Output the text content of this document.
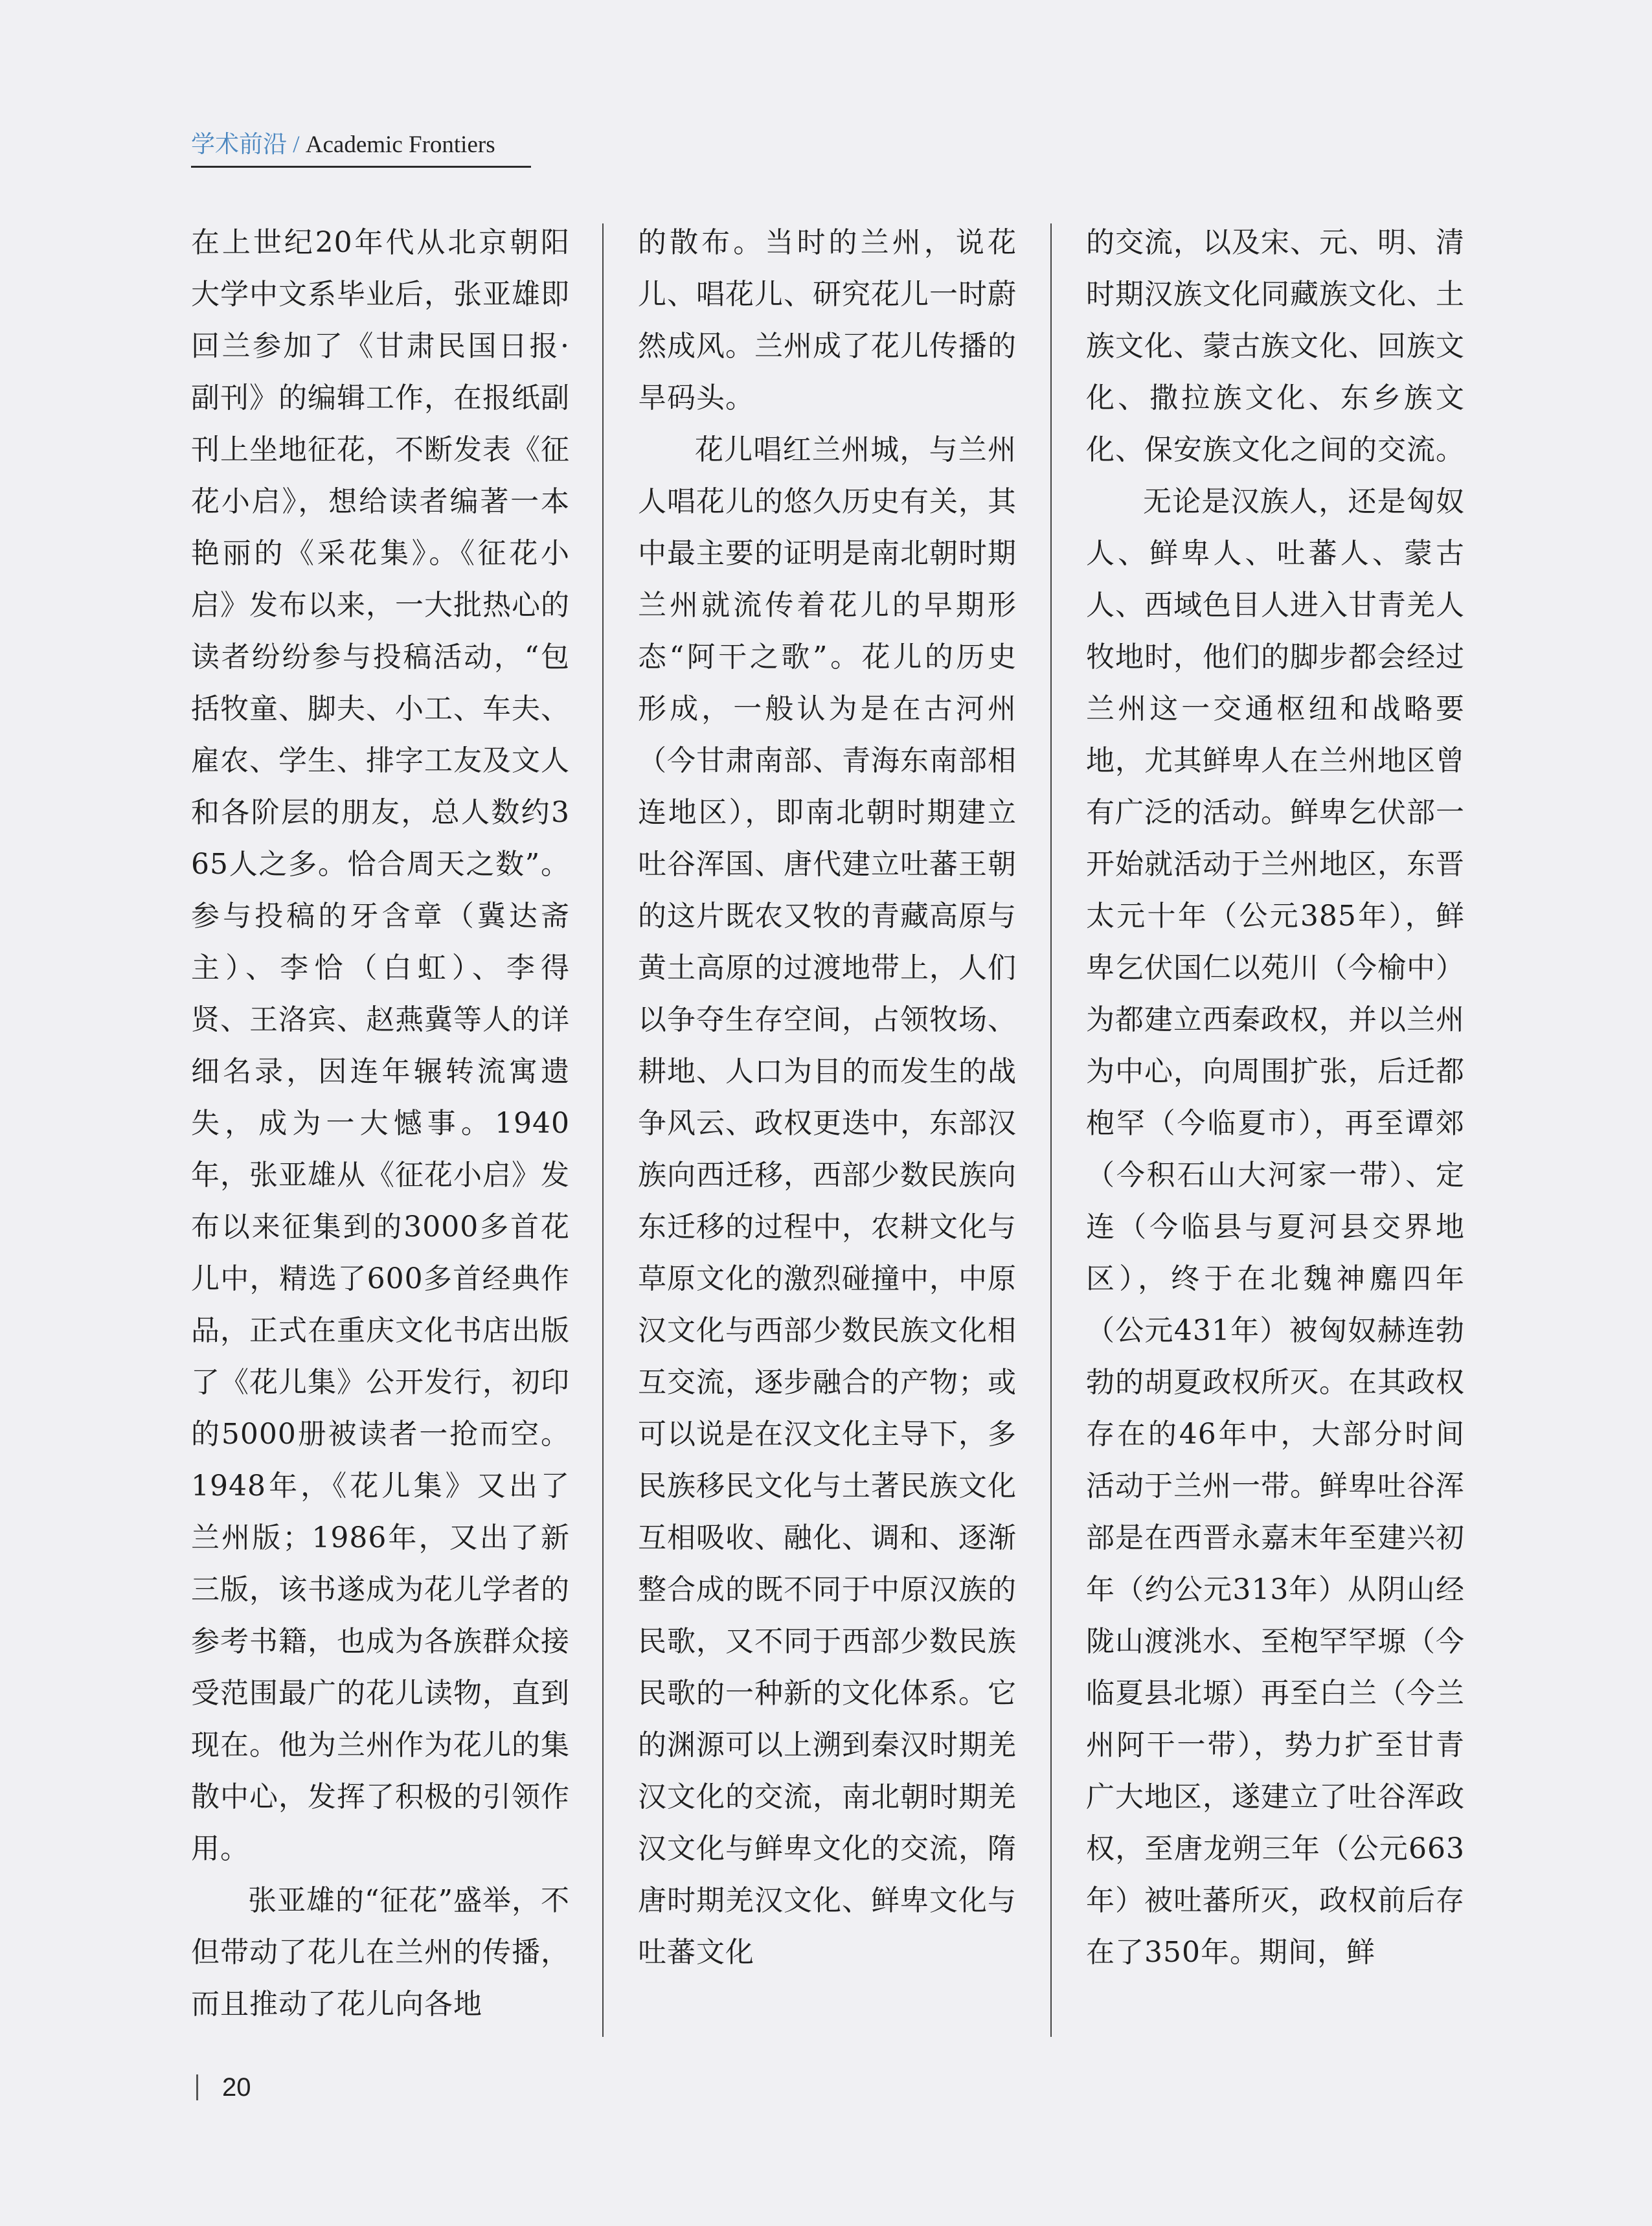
学术前沿 / Academic Frontiers

在上世纪20年代从北京朝阳大学中文系毕业后，张亚雄即回兰参加了《甘肃民国日报·副刊》的编辑工作，在报纸副刊上坐地征花，不断发表《征花小启》，想给读者编著一本艳丽的《采花集》。《征花小启》发布以来，一大批热心的读者纷纷参与投稿活动，“包括牧童、脚夫、小工、车夫、雇农、学生、排字工友及文人和各阶层的朋友，总人数约365人之多。恰合周天之数”。参与投稿的牙含章（冀达斋主）、李恰（白虹）、李得贤、王洛宾、赵燕冀等人的详细名录，因连年辗转流寓遗失，成为一大憾事。1940年，张亚雄从《征花小启》发布以来征集到的3000多首花儿中，精选了600多首经典作品，正式在重庆文化书店出版了《花儿集》公开发行，初印的5000册被读者一抢而空。1948年，《花儿集》又出了兰州版；1986年，又出了新三版，该书遂成为花儿学者的参考书籍，也成为各族群众接受范围最广的花儿读物，直到现在。他为兰州作为花儿的集散中心，发挥了积极的引领作用。

张亚雄的“征花”盛举，不但带动了花儿在兰州的传播，而且推动了花儿向各地

的散布。当时的兰州，说花儿、唱花儿、研究花儿一时蔚然成风。兰州成了花儿传播的旱码头。

花儿唱红兰州城，与兰州人唱花儿的悠久历史有关，其中最主要的证明是南北朝时期兰州就流传着花儿的早期形态“阿干之歌”。花儿的历史形成，一般认为是在古河州（今甘肃南部、青海东南部相连地区），即南北朝时期建立吐谷浑国、唐代建立吐蕃王朝的这片既农又牧的青藏高原与黄土高原的过渡地带上，人们以争夺生存空间，占领牧场、耕地、人口为目的而发生的战争风云、政权更迭中，东部汉族向西迁移，西部少数民族向东迁移的过程中，农耕文化与草原文化的激烈碰撞中，中原汉文化与西部少数民族文化相互交流，逐步融合的产物；或可以说是在汉文化主导下，多民族移民文化与土著民族文化互相吸收、融化、调和、逐渐整合成的既不同于中原汉族的民歌，又不同于西部少数民族民歌的一种新的文化体系。它的渊源可以上溯到秦汉时期羌汉文化的交流，南北朝时期羌汉文化与鲜卑文化的交流，隋唐时期羌汉文化、鲜卑文化与吐蕃文化

的交流，以及宋、元、明、清时期汉族文化同藏族文化、土族文化、蒙古族文化、回族文化、撒拉族文化、东乡族文化、保安族文化之间的交流。

无论是汉族人，还是匈奴人、鲜卑人、吐蕃人、蒙古人、西域色目人进入甘青羌人牧地时，他们的脚步都会经过兰州这一交通枢纽和战略要地，尤其鲜卑人在兰州地区曾有广泛的活动。鲜卑乞伏部一开始就活动于兰州地区，东晋太元十年（公元385年），鲜卑乞伏国仁以苑川（今榆中）为都建立西秦政权，并以兰州为中心，向周围扩张，后迁都枹罕（今临夏市），再至谭郊（今积石山大河家一带）、定连（今临县与夏河县交界地区），终于在北魏神䴥四年（公元431年）被匈奴赫连勃勃的胡夏政权所灭。在其政权存在的46年中，大部分时间活动于兰州一带。鲜卑吐谷浑部是在西晋永嘉末年至建兴初年（约公元313年）从阴山经陇山渡洮水、至枹罕罕塬（今临夏县北塬）再至白兰（今兰州阿干一带），势力扩至甘青广大地区，遂建立了吐谷浑政权，至唐龙朔三年（公元663年）被吐蕃所灭，政权前后存在了350年。期间，鲜

20
